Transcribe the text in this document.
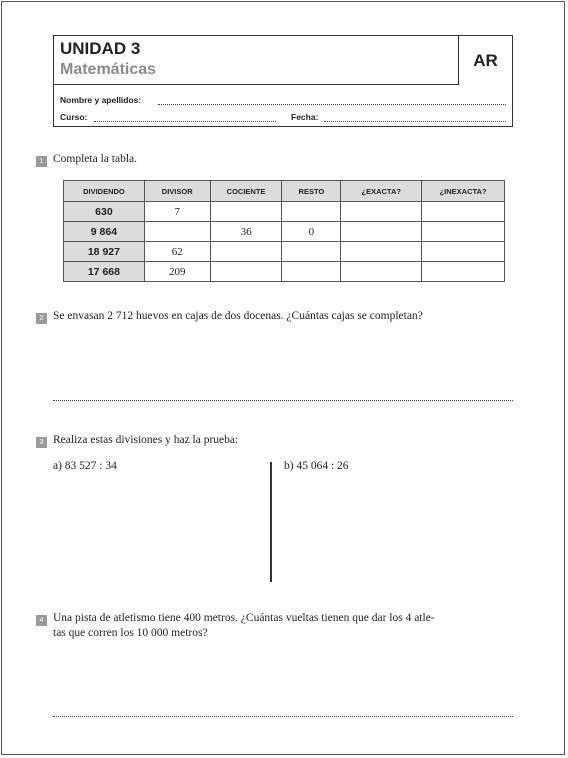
UNIDAD 3
Matemáticas	AR
Nombre y apellidos:
Curso:	Fecha:
1 Completa la tabla.
DIVIDENDO	DIVISOR	COCIENTE	RESTO	¿EXACTA?	¿INEXACTA?
630	7				
9 864		36	0		
18 927	62				
17 668	209				
2 Se envasan 2 712 huevos en cajas de dos docenas. ¿Cuántas cajas se completan?
3 Realiza estas divisiones y haz la prueba:
a) 83 527 : 34	b) 45 064 : 26
4 Una pista de atletismo tiene 400 metros. ¿Cuántas vueltas tienen que dar los 4 atle-
tas que corren los 10 000 metros?
